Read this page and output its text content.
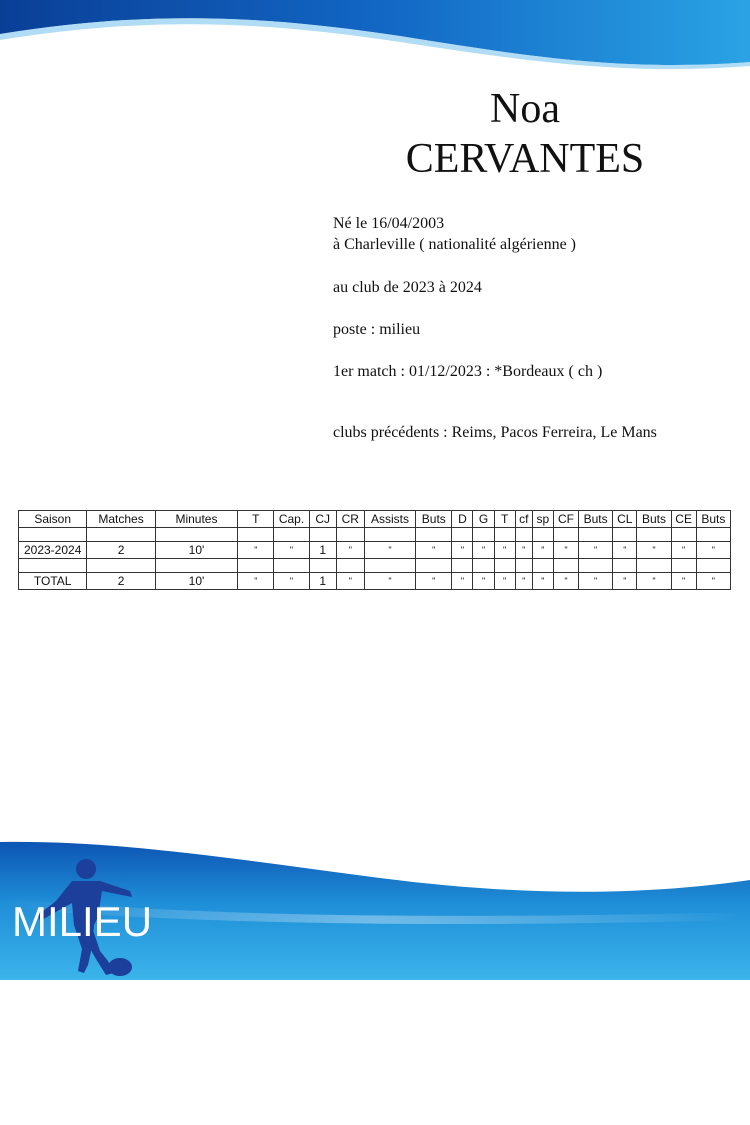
Noa
CERVANTES
Né le 16/04/2003
à Charleville ( nationalité algérienne )
au club de 2023 à 2024
poste : milieu
1er match : 01/12/2023 : *Bordeaux ( ch )
clubs précédents : Reims, Pacos Ferreira, Le Mans
Saison	Matches	Minutes	T	Cap.	CJ	CR	Assists	Buts	D	G	T	cf	sp	CF	Buts	CL	Buts	CE	Buts

2023-2024	2	10'	"	"	1	"	"	"	"	"	"	"	"	"	"	"	"	"	"

TOTAL	2	10'	"	"	1	"	"	"	"	"	"	"	"	"	"	"	"	"	"
MILIEU
